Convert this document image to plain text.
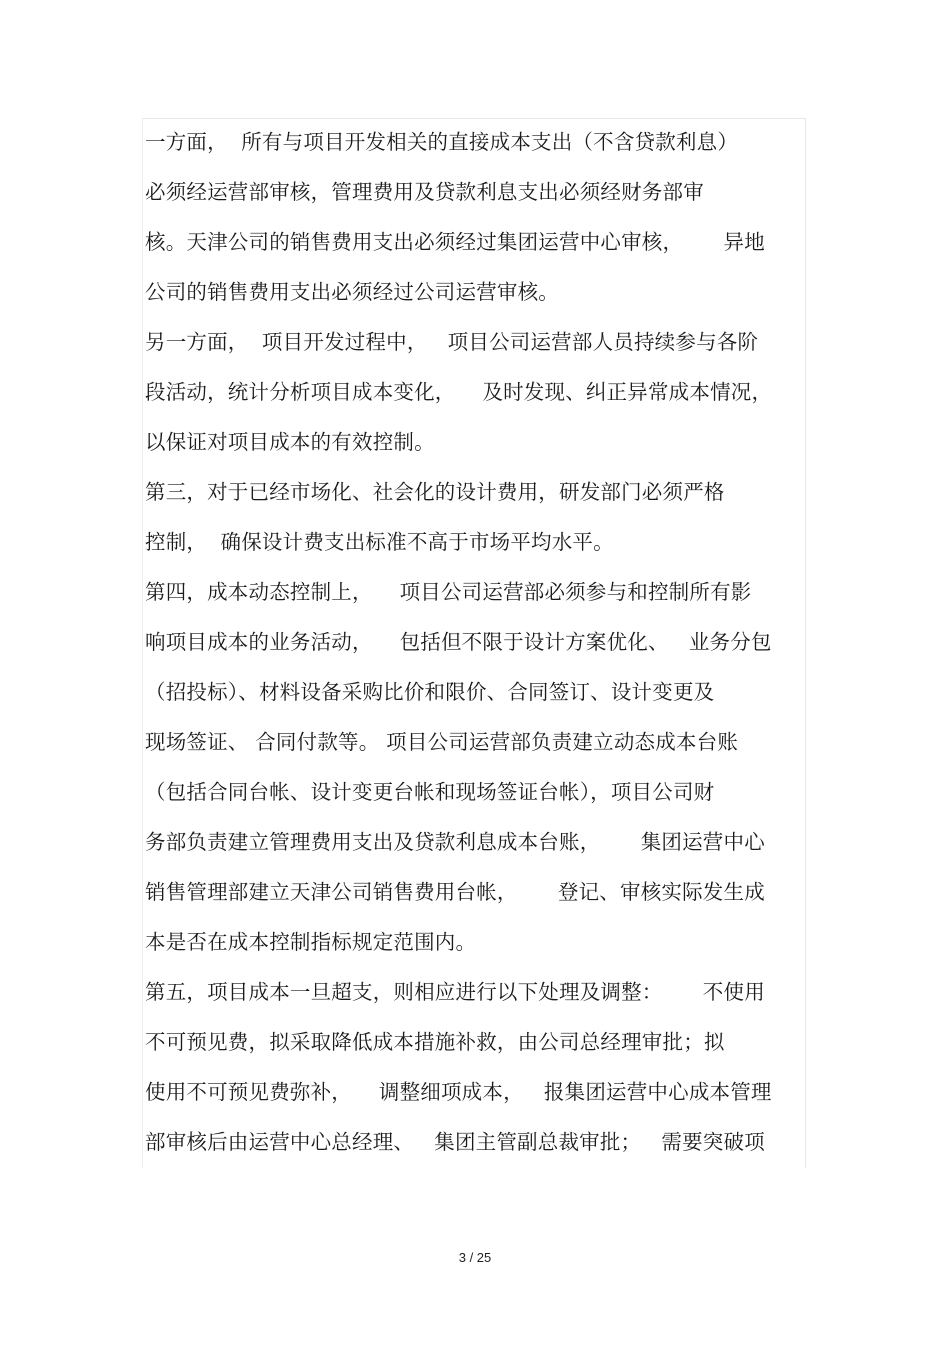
一方面，  所有与项目开发相关的直接成本支出（不含贷款利息）
必须经运营部审核，管理费用及贷款利息支出必须经财务部审
核。天津公司的销售费用支出必须经过集团运营中心审核，      异地
公司的销售费用支出必须经过公司运营审核。
另一方面，  项目开发过程中，   项目公司运营部人员持续参与各阶
段活动，统计分析项目成本变化，    及时发现、纠正异常成本情况，
以保证对项目成本的有效控制。
第三，对于已经市场化、社会化的设计费用，研发部门必须严格
控制，  确保设计费支出标准不高于市场平均水平。
第四，成本动态控制上，    项目公司运营部必须参与和控制所有影
响项目成本的业务活动，    包括但不限于设计方案优化、   业务分包
（招投标）、材料设备采购比价和限价、合同签订、设计变更及
现场签证、 合同付款等。 项目公司运营部负责建立动态成本台账
（包括合同台帐、设计变更台帐和现场签证台帐），项目公司财
务部负责建立管理费用支出及贷款利息成本台账，      集团运营中心
销售管理部建立天津公司销售费用台帐，      登记、审核实际发生成
本是否在成本控制指标规定范围内。
第五，项目成本一旦超支，则相应进行以下处理及调整：      不使用
不可预见费，拟采取降低成本措施补救，由公司总经理审批；拟
使用不可预见费弥补，    调整细项成本，   报集团运营中心成本管理
部审核后由运营中心总经理、   集团主管副总裁审批；   需要突破项
3 / 25
